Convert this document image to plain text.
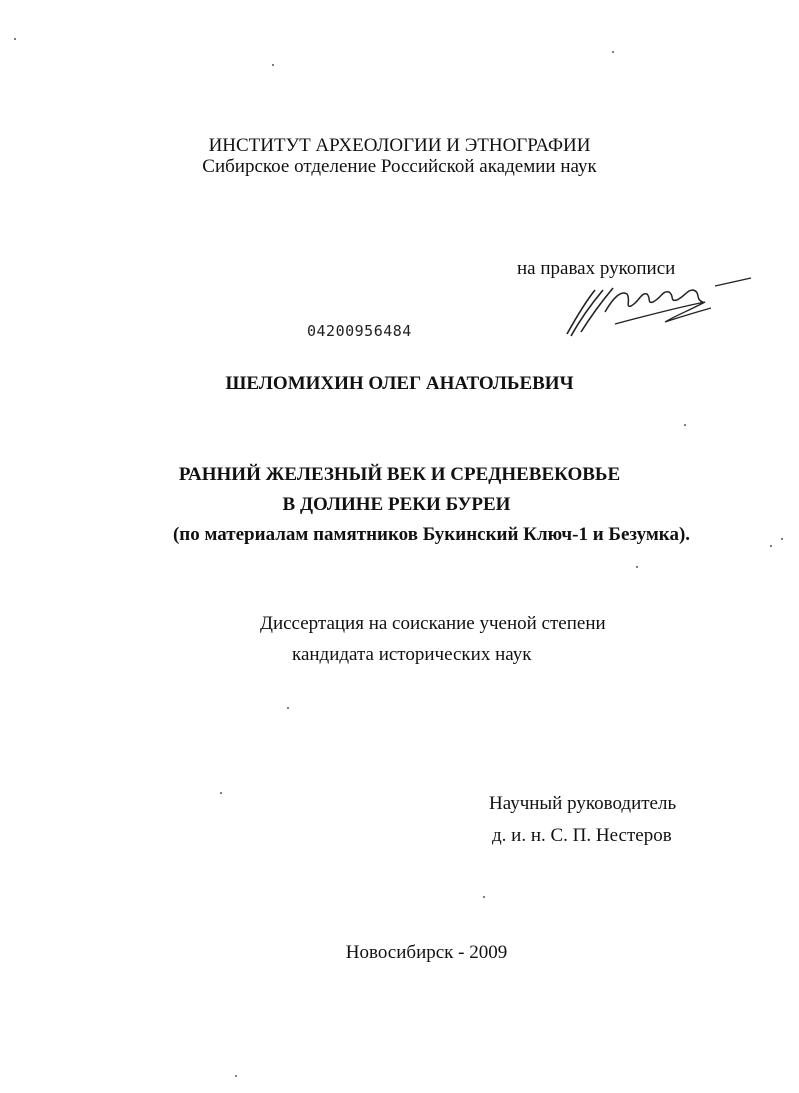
ИНСТИТУТ АРХЕОЛОГИИ И ЭТНОГРАФИИ
Сибирское отделение Российской академии наук
на правах рукописи
04200956484
ШЕЛОМИХИН ОЛЕГ АНАТОЛЬЕВИЧ
РАННИЙ ЖЕЛЕЗНЫЙ ВЕК И СРЕДНЕВЕКОВЬЕ
В ДОЛИНЕ РЕКИ БУРЕИ
(по материалам памятников Букинский Ключ-1 и Безумка).
Диссертация на соискание ученой степени
кандидата исторических наук
Научный руководитель
д. и. н. С. П. Нестеров
Новосибирск - 2009
